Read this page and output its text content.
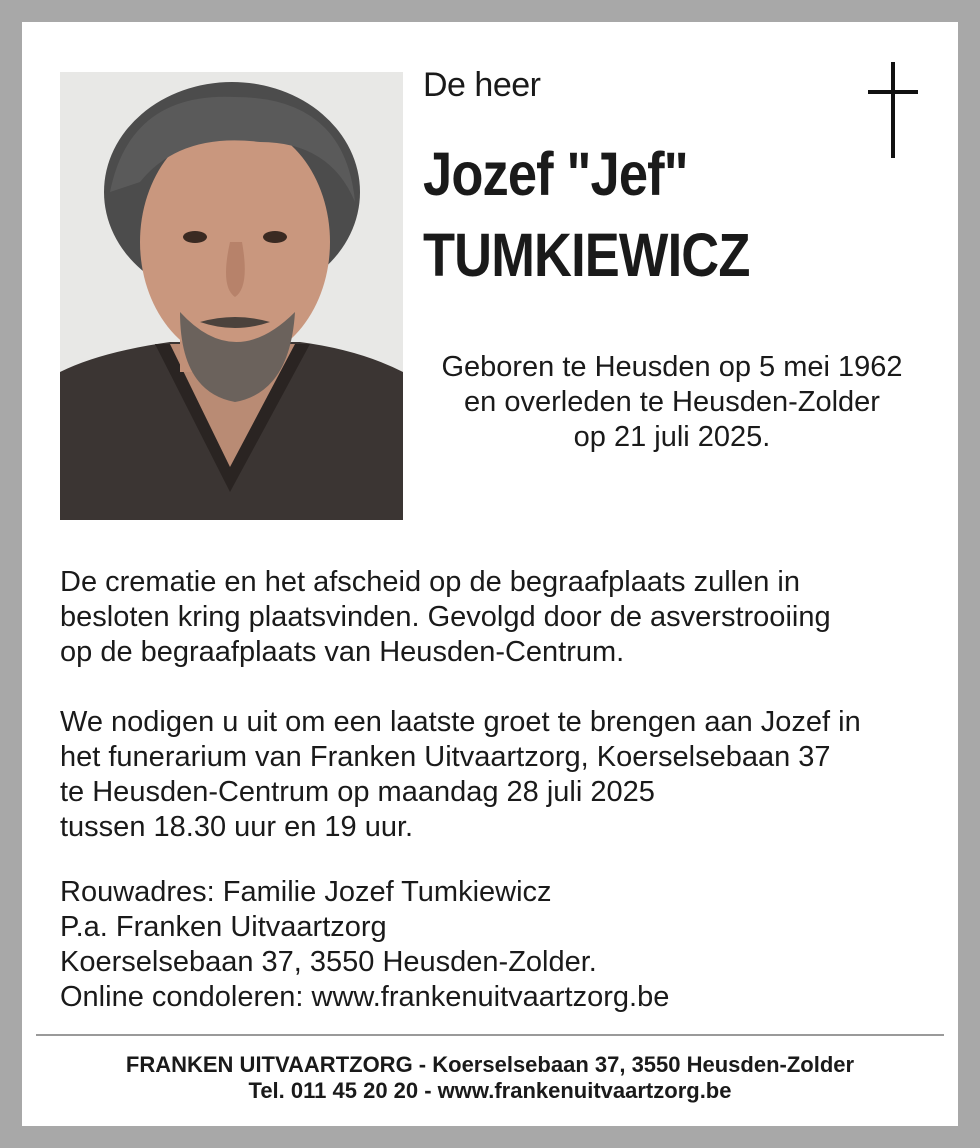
De heer
Jozef "Jef"
TUMKIEWICZ
Geboren te Heusden op 5 mei 1962
en overleden te Heusden-Zolder
op 21 juli 2025.
De crematie en het afscheid op de begraafplaats zullen in
besloten kring plaatsvinden. Gevolgd door de asverstrooiing
op de begraafplaats van Heusden-Centrum.
We nodigen u uit om een laatste groet te brengen aan Jozef in
het funerarium van Franken Uitvaartzorg, Koerselsebaan 37
te Heusden-Centrum op maandag 28 juli 2025
tussen 18.30 uur en 19 uur.
Rouwadres: Familie Jozef Tumkiewicz
P.a. Franken Uitvaartzorg
Koerselsebaan 37, 3550 Heusden-Zolder.
Online condoleren: www.frankenuitvaartzorg.be
FRANKEN UITVAARTZORG - Koerselsebaan 37, 3550 Heusden-Zolder
Tel. 011 45 20 20 - www.frankenuitvaartzorg.be
